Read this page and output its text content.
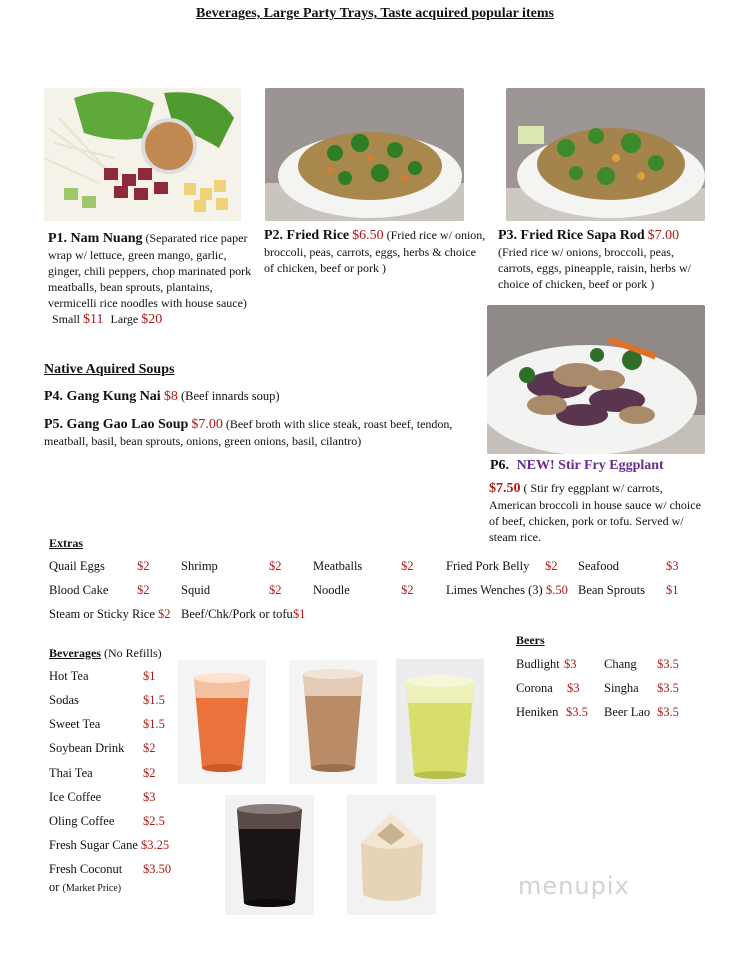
Beverages, Large Party Trays, Taste acquired popular items
P1. Nam Nuang (Separated rice paper wrap w/ lettuce, green mango, garlic, ginger, chili peppers, chop marinated pork meatballs, bean sprouts, plantains, vermicelli rice noodles with house sauce) Small $11 Large $20
P2. Fried Rice $6.50 (Fried rice w/ onion, broccoli, peas, carrots, eggs, herbs & choice of chicken, beef or pork )
P3. Fried Rice Sapa Rod $7.00 (Fried rice w/ onions, broccoli, peas, carrots, eggs, pineapple, raisin, herbs w/ choice of chicken, beef or pork )
Native Aquired Soups
P4. Gang Kung Nai $8 (Beef innards soup)
P5. Gang Gao Lao Soup $7.00 (Beef broth with slice steak, roast beef, tendon, meatball, basil, bean sprouts, onions, green onions, basil, cilantro)
P6. NEW! Stir Fry Eggplant
$7.50 ( Stir fry eggplant w/ carrots, American broccoli in house sauce w/ choice of beef, chicken, pork or tofu. Served w/ steam rice.
Extras
Quail Eggs	$2	Shrimp	$2	Meatballs	$2	Fried Pork Belly $2 Seafood	$3
Blood Cake $2	Squid	$2	Noodle	$2	Limes Wenches (3) $.50 Bean Sprouts $1
Steam or Sticky Rice $2 Beef/Chk/Pork or tofu $1
Beverages (No Refills)
Hot Tea	$1
Sodas	$1.5
Sweet Tea	$1.5
Soybean Drink $2
Thai Tea	$2
Ice Coffee	$3
Oling Coffee $2.5
Fresh Sugar Cane $3.25
Fresh Coconut $3.50
or (Market Price)
Beers
Budlight $3 Chang $3.5
Corona $3 Singha $3.5
Heniken $3.5 Beer Lao $3.5
menupix
